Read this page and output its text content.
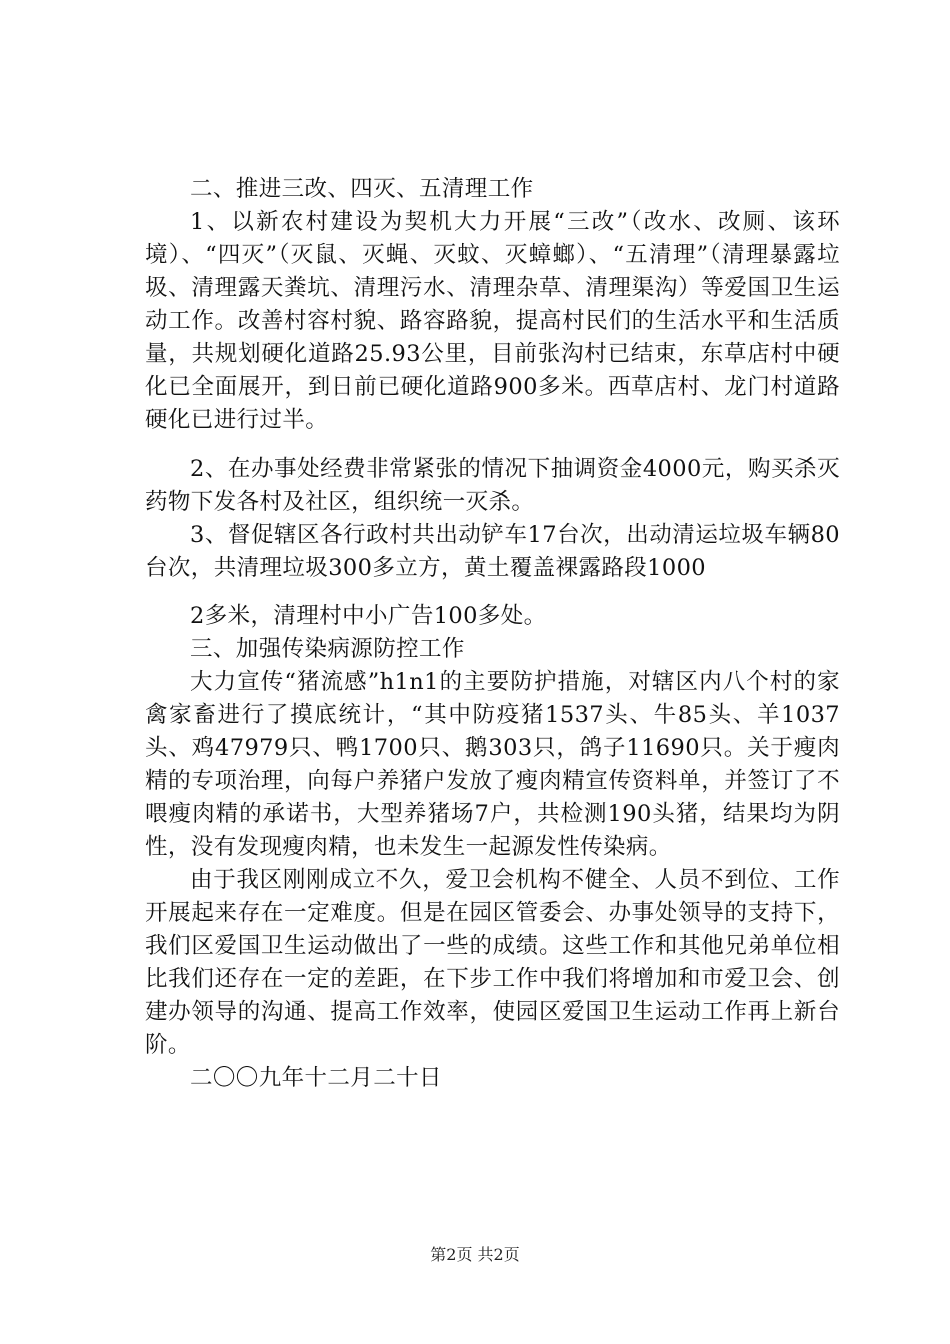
二、推进三改、四灭、五清理工作

1、以新农村建设为契机大力开展“三改”（改水、改厕、该环境）、“四灭”（灭鼠、灭蝇、灭蚊、灭蟑螂）、“五清理”（清理暴露垃圾、清理露天粪坑、清理污水、清理杂草、清理渠沟）等爱国卫生运动工作。改善村容村貌、路容路貌，提高村民们的生活水平和生活质量，共规划硬化道路25.93公里，目前张沟村已结束，东草店村中硬化已全面展开，到日前已硬化道路900多米。西草店村、龙门村道路硬化已进行过半。

2、在办事处经费非常紧张的情况下抽调资金4000元，购买杀灭药物下发各村及社区，组织统一灭杀。

3、督促辖区各行政村共出动铲车17台次，出动清运垃圾车辆80台次，共清理垃圾300多立方，黄土覆盖裸露路段1000

2多米，清理村中小广告100多处。

三、加强传染病源防控工作

大力宣传“猪流感”h1n1的主要防护措施，对辖区内八个村的家禽家畜进行了摸底统计，“其中防疫猪1537头、牛85头、羊1037头、鸡47979只、鸭1700只、鹅303只，鸽子11690只。关于瘦肉精的专项治理，向每户养猪户发放了瘦肉精宣传资料单，并签订了不喂瘦肉精的承诺书，大型养猪场7户，共检测190头猪，结果均为阴性，没有发现瘦肉精，也未发生一起源发性传染病。

由于我区刚刚成立不久，爱卫会机构不健全、人员不到位、工作开展起来存在一定难度。但是在园区管委会、办事处领导的支持下，我们区爱国卫生运动做出了一些的成绩。这些工作和其他兄弟单位相比我们还存在一定的差距，在下步工作中我们将增加和市爱卫会、创建办领导的沟通、提高工作效率，使园区爱国卫生运动工作再上新台阶。

二〇〇九年十二月二十日

第2页 共2页
